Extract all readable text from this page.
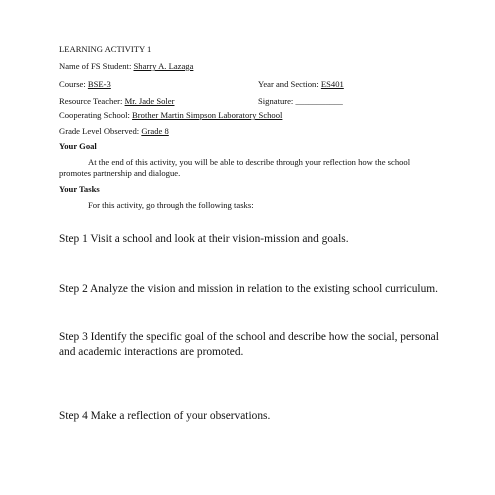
LEARNING ACTIVITY 1
Name of FS Student: Sharry A. Lazaga
Course: BSE-3	Year and Section: ES401
Resource Teacher: Mr. Jade Soler	Signature: ___________
Cooperating School: Brother Martin Simpson Laboratory School
Grade Level Observed: Grade 8
Your Goal
At the end of this activity, you will be able to describe through your reflection how the school promotes partnership and dialogue.
Your Tasks
For this activity, go through the following tasks:
Step 1 Visit a school and look at their vision-mission and goals.
Step 2 Analyze the vision and mission in relation to the existing school curriculum.
Step 3 Identify the specific goal of the school and describe how the social, personal and academic interactions are promoted.
Step 4 Make a reflection of your observations.
